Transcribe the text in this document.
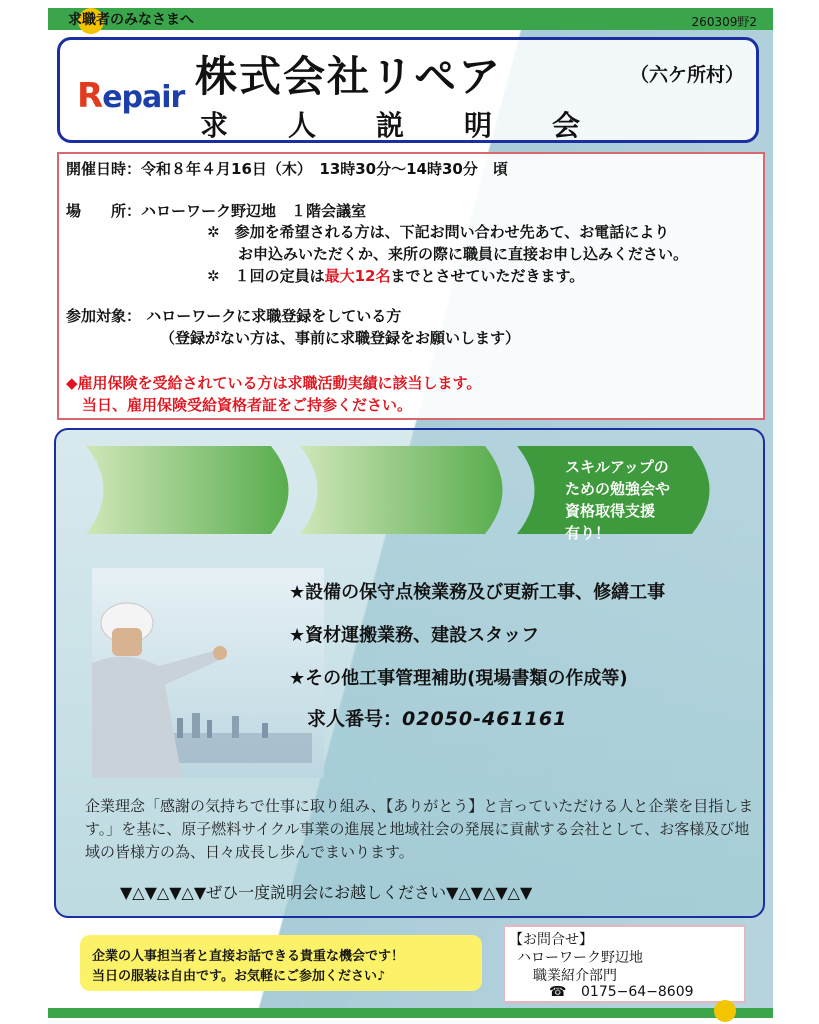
求職者のみなさまへ	260309野2
Repair 株式会社リペア	（六ケ所村）
求人説明会
開催日時：令和８年４月16日（木）　13時30分～14時30分　頃
場　　所：ハローワーク野辺地　１階会議室
✲　参加を希望される方は、下記お問い合わせ先あて、お電話により
お申込みいただくか、来所の際に職員に直接お申し込みください。
✲　１回の定員は最大12名までとさせていただきます。
参加対象： ハローワークに求職登録をしている方
（登録がない方は、事前に求職登録をお願いします）
◆雇用保険を受給されている方は求職活動実績に該当します。
当日、雇用保険受給資格者証をご持参ください。
スキルアップの
ための勉強会や
資格取得支援
有り！
★設備の保守点検業務及び更新工事、修繕工事
★資材運搬業務、建設スタッフ
★その他工事管理補助(現場書類の作成等)
求人番号：02050-461161
企業理念「感謝の気持ちで仕事に取り組み、【ありがとう】と言っていただける人と企業を目指します。」を基に、原子燃料サイクル事業の進展と地域社会の発展に貢献する会社として、お客様及び地域の皆様方の為、日々成長し歩んでまいります。
▼△▼△▼△▼ぜひ一度説明会にお越しください▼△▼△▼△▼
企業の人事担当者と直接お話できる貴重な機会です！
当日の服装は自由です。お気軽にご参加ください♪
【お問合せ】
ハローワーク野辺地
職業紹介部門
☎ 0175−64−8609
